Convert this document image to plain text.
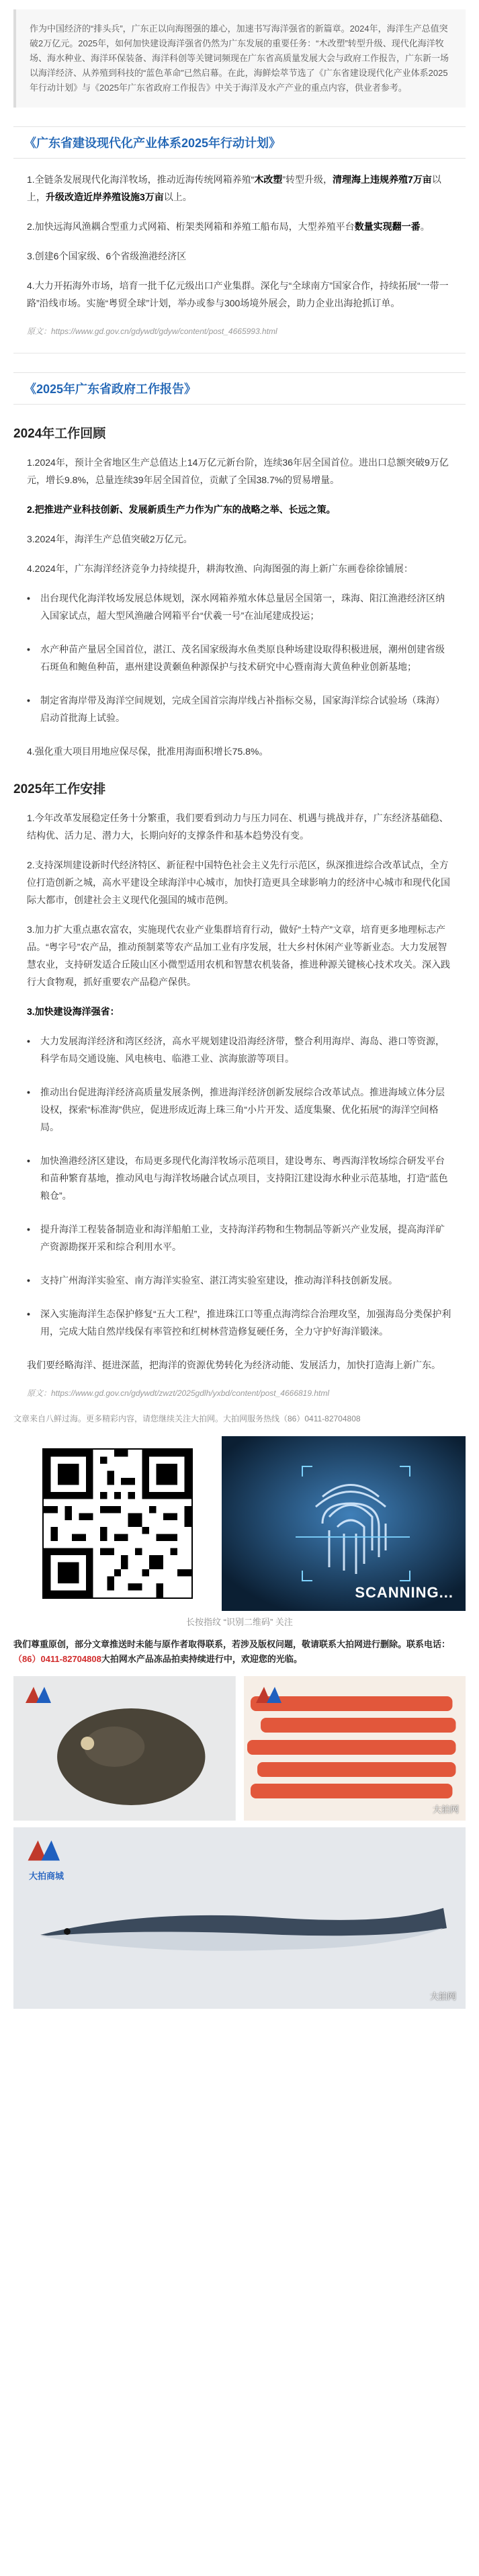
作为中国经济的“排头兵”，广东正以向海图强的雄心，加速书写海洋强省的新篇章。2024年，海洋生产总值突破2万亿元。2025年，如何加快建设海洋强省仍然为广东发展的重要任务：“木改塑”转型升级、现代化海洋牧场、海水种业、海洋环保装备、海洋科创等关键词频现在广东省高质量发展大会与政府工作报告，广东新一场以海洋经济、从养殖到科技的“蓝色革命”已然启幕。在此，海鲜烩萃节选了《广东省建设现代化产业体系2025年行动计划》与《2025年广东省政府工作报告》中关于海洋及水产产业的重点内容，供业者参考。
《广东省建设现代化产业体系2025年行动计划》
1.全链条发展现代化海洋牧场，推动近海传统网箱养殖“木改塑”转型升级，清理海上违规养殖7万亩以上，升级改造近岸养殖设施3万亩以上。
2.加快远海风渔耦合型重力式网箱、桁架类网箱和养殖工船布局，大型养殖平台数量实现翻一番。
3.创建6个国家级、6个省级渔港经济区
4.大力开拓海外市场，培育一批千亿元级出口产业集群。深化与“全球南方”国家合作，持续拓展“一带一路”沿线市场。实施“粤贸全球”计划，举办或参与300场境外展会，助力企业出海抢抓订单。
原文：https://www.gd.gov.cn/gdywdt/gdyw/content/post_4665993.html
《2025年广东省政府工作报告》
2024年工作回顾
1.2024年，预计全省地区生产总值达上14万亿元新台阶，连续36年居全国首位。进出口总额突破9万亿元，增长9.8%，总量连续39年居全国首位，贡献了全国38.7%的贸易增量。
2.把推进产业科技创新、发展新质生产力作为广东的战略之举、长远之策。
3.2024年，海洋生产总值突破2万亿元。
4.2024年，广东海洋经济竞争力持续提升，耕海牧渔、向海图强的海上新广东画卷徐徐铺展：
• 出台现代化海洋牧场发展总体规划，深水网箱养殖水体总量居全国第一，珠海、阳江渔港经济区纳入国家试点，超大型风渔融合网箱平台“伏羲一号”在汕尾建成投运；
• 水产种苗产量居全国首位，湛江、茂名国家级海水鱼类原良种场建设取得积极进展，潮州创建省级石斑鱼和鲍鱼种苗，惠州建设黄颡鱼种源保护与技术研究中心暨南海大黄鱼种业创新基地；
• 制定省海岸带及海洋空间规划，完成全国首宗海岸线占补指标交易，国家海洋综合试验场（珠海）启动首批海上试验。
4.强化重大项目用地应保尽保，批准用海面积增长75.8%。
2025年工作安排
1.今年改革发展稳定任务十分繁重，我们要看到动力与压力同在、机遇与挑战并存，广东经济基础稳、结构优、活力足、潜力大，长期向好的支撑条件和基本趋势没有变。
2.支持深圳建设新时代经济特区、新征程中国特色社会主义先行示范区，纵深推进综合改革试点，全方位打造创新之城，高水平建设全球海洋中心城市，加快打造更具全球影响力的经济中心城市和现代化国际大都市，创建社会主义现代化强国的城市范例。
3.加力扩大重点惠农富农，实施现代农业产业集群培育行动，做好“土特产”文章，培育更多地理标志产品。“粤字号”农产品，推动预制菜等农产品加工业有序发展，壮大乡村休闲产业等新业态。大力发展智慧农业，支持研发适合丘陵山区小微型适用农机和智慧农机装备，推进种源关键核心技术攻关。深入践行大食物观，抓好重要农产品稳产保供。
3.加快建设海洋强省：
• 大力发展海洋经济和湾区经济，高水平规划建设沿海经济带，整合利用海岸、海岛、港口等资源，科学布局交通设施、风电核电、临港工业、滨海旅游等项目。
• 推动出台促进海洋经济高质量发展条例，推进海洋经济创新发展综合改革试点。推进海域立体分层设权，探索“标准海”供应，促进形成近海上珠三角“小片开发、适度集聚、优化拓展”的海洋空间格局。
• 加快渔港经济区建设，布局更多现代化海洋牧场示范项目，建设粤东、粤西海洋牧场综合研发平台和苗种繁育基地，推动风电与海洋牧场融合试点项目，支持阳江建设海水种业示范基地，打造“蓝色粮仓”。
• 提升海洋工程装备制造业和海洋船舶工业，支持海洋药物和生物制品等新兴产业发展，提高海洋矿产资源勘探开采和综合利用水平。
• 支持广州海洋实验室、南方海洋实验室、湛江湾实验室建设，推动海洋科技创新发展。
• 深入实施海洋生态保护修复“五大工程”，推进珠江口等重点海湾综合治理攻坚，加强海岛分类保护利用，完成大陆自然岸线保有率管控和红树林营造修复硬任务，全力守护好海洋锻涞。
我们要经略海洋、挺进深蓝，把海洋的资源优势转化为经济动能、发展活力，加快打造海上新广东。
原文：https://www.gd.gov.cn/gdywdt/zwzt/2025gdlh/yxbd/content/post_4666819.html
文章来自八鲜过海。更多精彩内容，请您继续关注大拍网。大拍网服务热线（86）0411-82704808
SCANNING...
长按指纹 “识别二维码” 关注
我们尊重原创，部分文章推送时未能与原作者取得联系，若涉及版权问题，敬请联系大拍网进行删除。联系电话：（86）0411-82704808大拍网水产品冻品拍卖持续进行中，欢迎您的光临。
大拍网
大拍商城
大拍网
